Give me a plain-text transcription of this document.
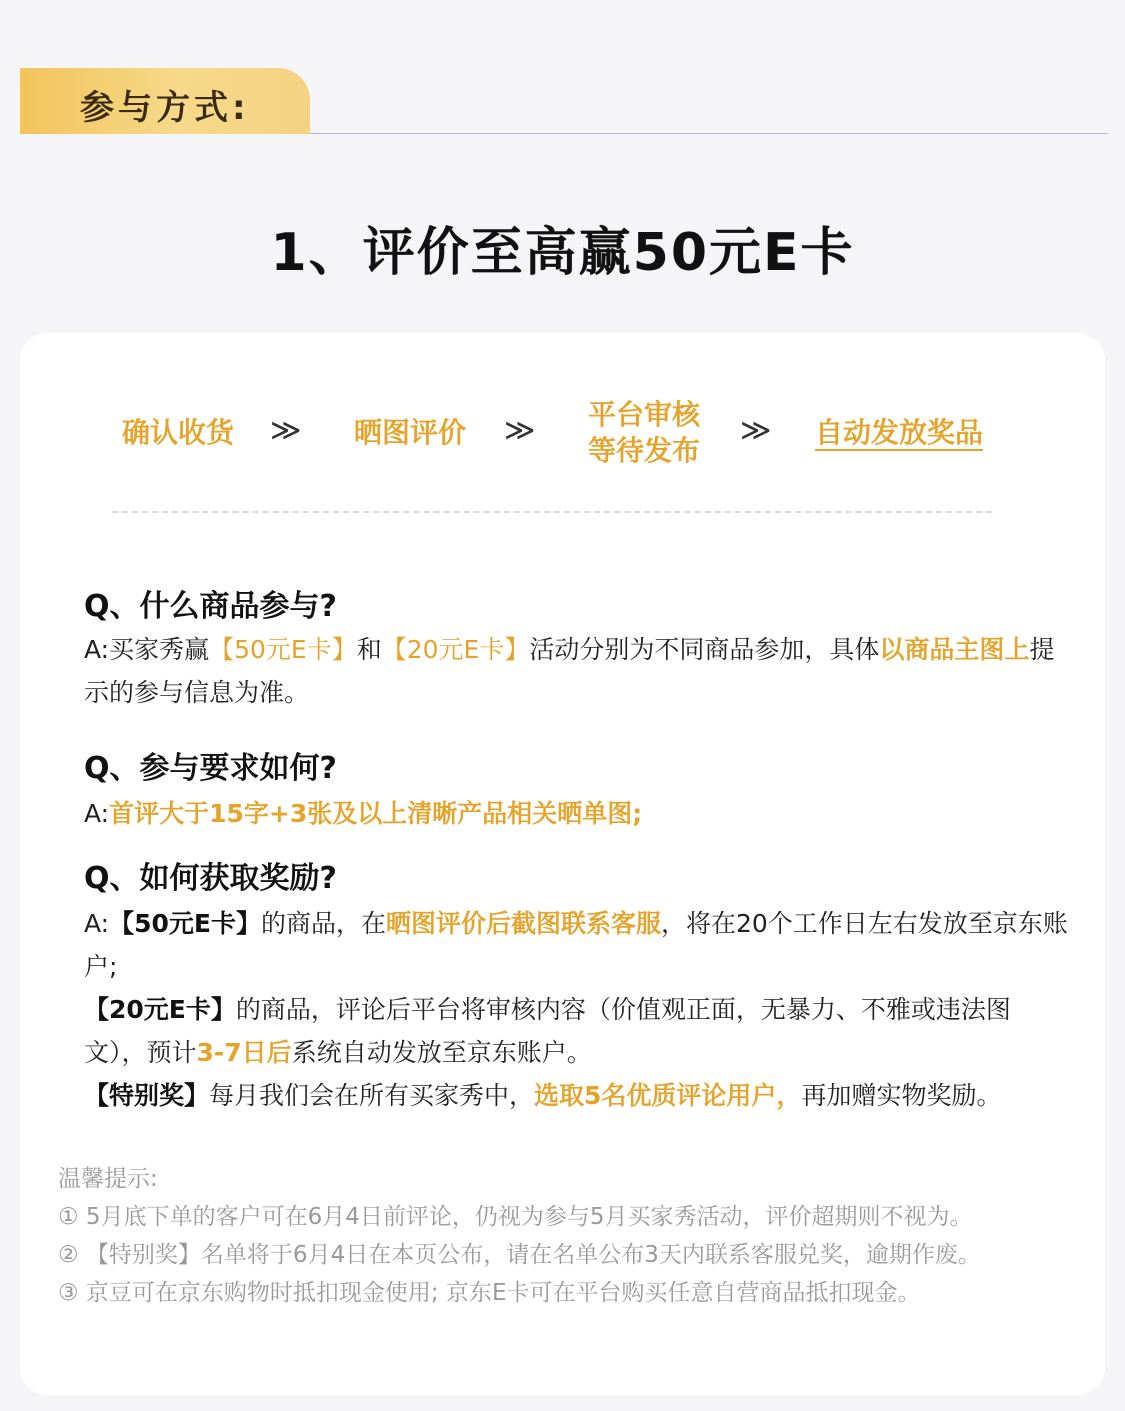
参与方式:
1、评价至高赢50元E卡
确认收货 ≫ 晒图评价 ≫ 平台审核
等待发布
≫ 自动发放奖品
Q、什么商品参与?
A:买家秀赢【50元E卡】和【20元E卡】活动分别为不同商品参加，具体以商品主图上提示的参与信息为准。
Q、参与要求如何?
A:首评大于15字+3张及以上清晰产品相关晒单图;
Q、如何获取奖励?
A:【50元E卡】的商品，在晒图评价后截图联系客服，将在20个工作日左右发放至京东账户;
【20元E卡】的商品，评论后平台将审核内容（价值观正面，无暴力、不雅或违法图文），预计3-7日后系统自动发放至京东账户。
【特别奖】每月我们会在所有买家秀中，选取5名优质评论用户，再加赠实物奖励。
温馨提示:
① 5月底下单的客户可在6月4日前评论，仍视为参与5月买家秀活动，评价超期则不视为。
② 【特别奖】名单将于6月4日在本页公布，请在名单公布3天内联系客服兑奖，逾期作废。
③ 京豆可在京东购物时抵扣现金使用; 京东E卡可在平台购买任意自营商品抵扣现金。
